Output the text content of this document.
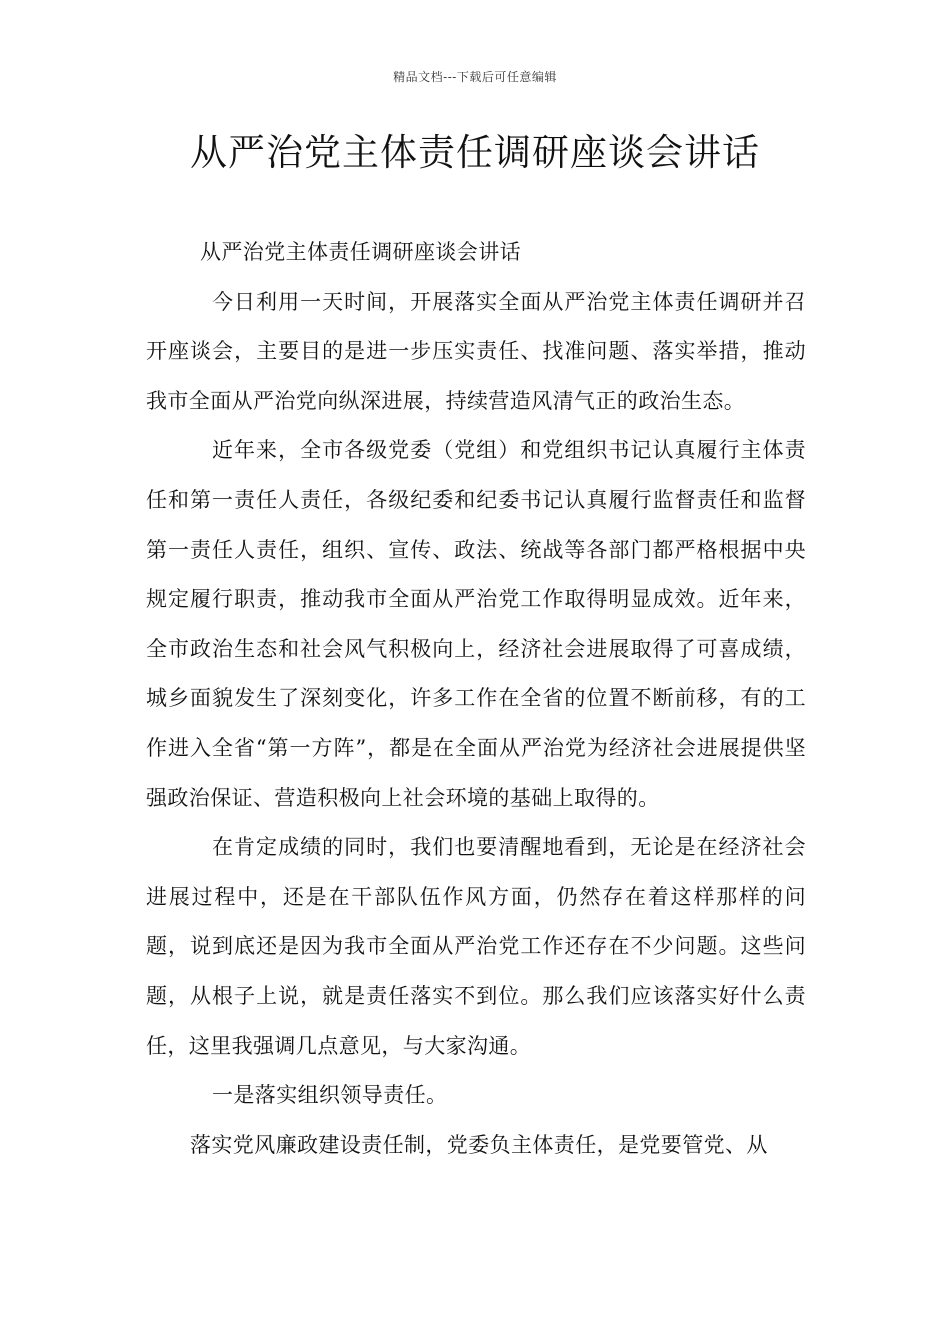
精品文档---下载后可任意编辑
从严治党主体责任调研座谈会讲话

从严治党主体责任调研座谈会讲话

今日利用一天时间，开展落实全面从严治党主体责任调研并召开座谈会，主要目的是进一步压实责任、找准问题、落实举措，推动我市全面从严治党向纵深进展，持续营造风清气正的政治生态。

近年来，全市各级党委（党组）和党组织书记认真履行主体责任和第一责任人责任，各级纪委和纪委书记认真履行监督责任和监督第一责任人责任，组织、宣传、政法、统战等各部门都严格根据中央规定履行职责，推动我市全面从严治党工作取得明显成效。近年来，全市政治生态和社会风气积极向上，经济社会进展取得了可喜成绩，城乡面貌发生了深刻变化，许多工作在全省的位置不断前移，有的工作进入全省“第一方阵”，都是在全面从严治党为经济社会进展提供坚强政治保证、营造积极向上社会环境的基础上取得的。

在肯定成绩的同时，我们也要清醒地看到，无论是在经济社会进展过程中，还是在干部队伍作风方面，仍然存在着这样那样的问题，说到底还是因为我市全面从严治党工作还存在不少问题。这些问题，从根子上说，就是责任落实不到位。那么我们应该落实好什么责任，这里我强调几点意见，与大家沟通。

一是落实组织领导责任。

落实党风廉政建设责任制，党委负主体责任，是党要管党、从
